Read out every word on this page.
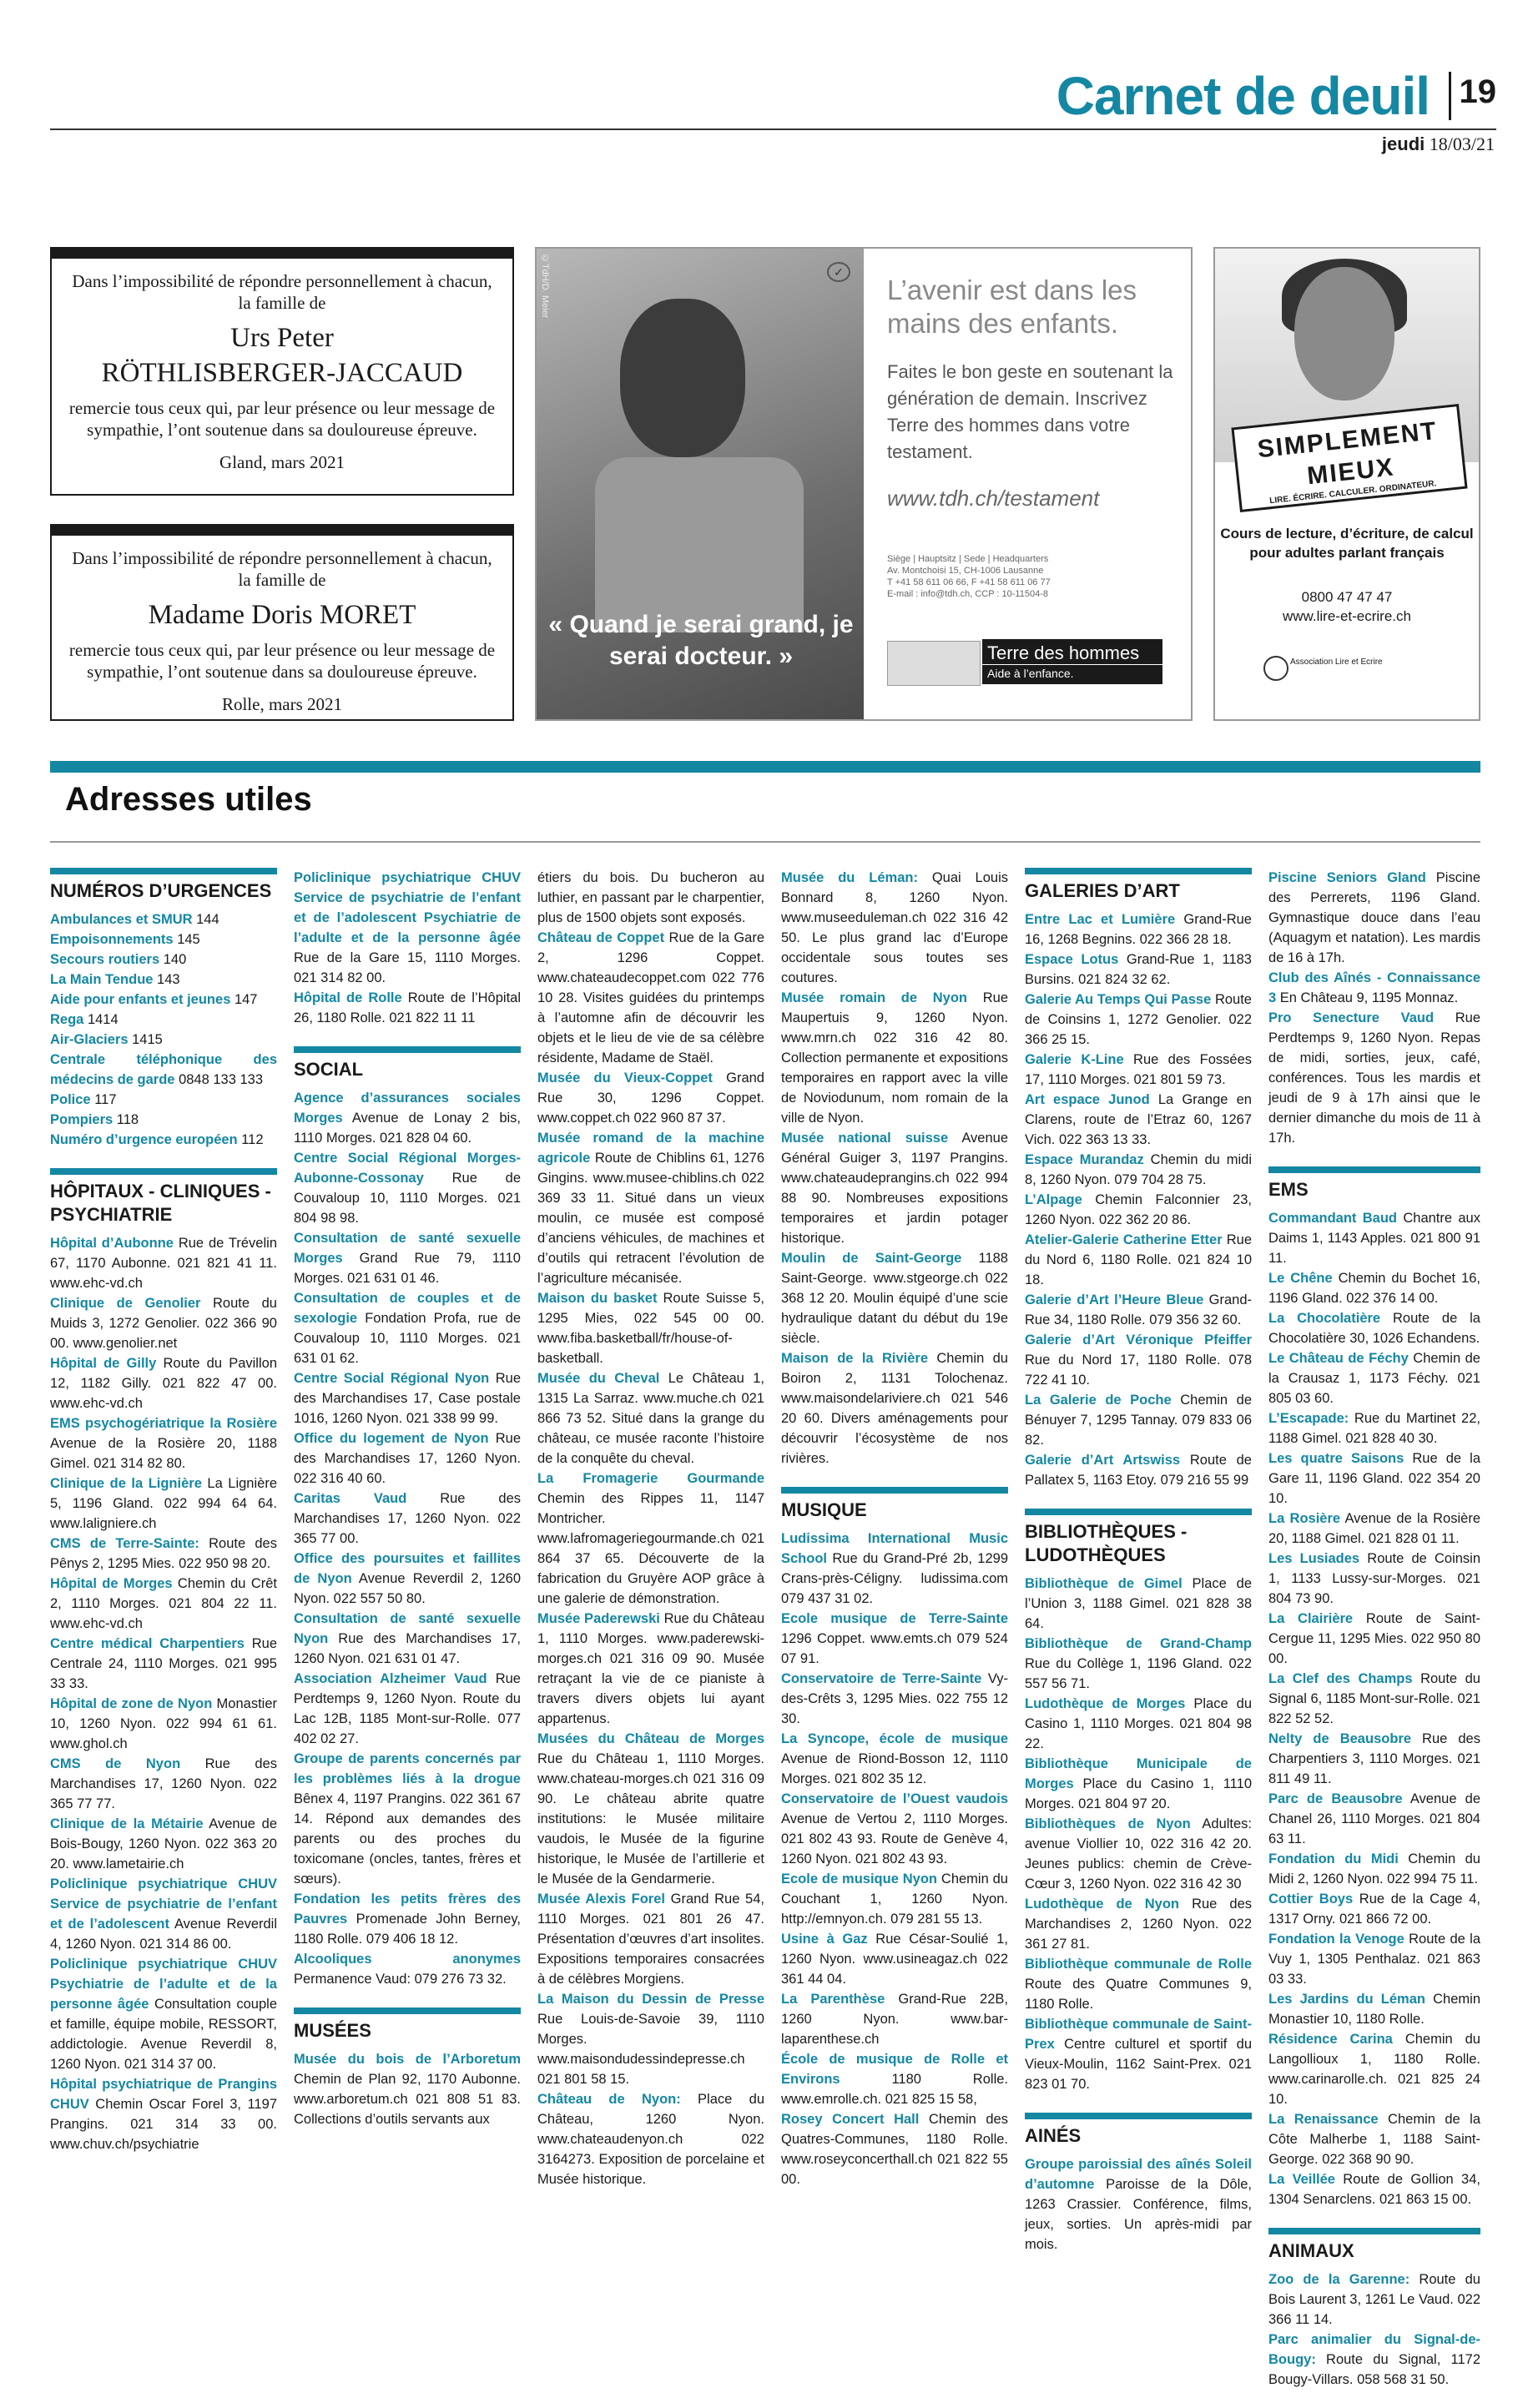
Carnet de deuil 19
jeudi 18/03/21
Dans l’impossibilité de répondre personnellement à chacun, la famille de
Urs Peter
RÖTHLISBERGER-JACCAUD
remercie tous ceux qui, par leur présence ou leur message de sympathie, l’ont soutenue dans sa douloureuse épreuve.
Gland, mars 2021
Dans l’impossibilité de répondre personnellement à chacun, la famille de
Madame Doris MORET
remercie tous ceux qui, par leur présence ou leur message de sympathie, l’ont soutenue dans sa douloureuse épreuve.
Rolle, mars 2021
©TdH/D. Meier
« Quand je serai grand, je serai docteur. »
✓
L’avenir est dans les mains des enfants.
Faites le bon geste en soutenant la génération de demain. Inscrivez Terre des hommes dans votre testament.
www.tdh.ch/testament
Siège | Hauptsitz | Sede | Headquarters
Av. Montchoisi 15, CH-1006 Lausanne
T +41 58 611 06 66, F +41 58 611 06 77
E-mail : info@tdh.ch, CCP : 10-11504-8
Terre des hommes
Aide à l’enfance.
SIMPLEMENT MIEUX
LIRE. ÉCRIRE. CALCULER. ORDINATEUR.
Cours de lecture, d’écriture, de calcul pour adultes parlant français
0800 47 47 47
www.lire-et-ecrire.ch
Association Lire et Ecrire
Adresses utiles
NUMÉROS D’URGENCES
Ambulances et SMUR 144
Empoisonnements 145
Secours routiers 140
La Main Tendue 143
Aide pour enfants et jeunes 147
Rega 1414
Air-Glaciers 1415
Centrale téléphonique des médecins de garde 0848 133 133
Police 117
Pompiers 118
Numéro d’urgence européen 112
HÔPITAUX - CLINIQUES - PSYCHIATRIE
Hôpital d’Aubonne Rue de Trévelin 67, 1170 Aubonne. 021 821 41 11. www.ehc-vd.ch
Clinique de Genolier Route du Muids 3, 1272 Genolier. 022 366 90 00. www.genolier.net
Hôpital de Gilly Route du Pavillon 12, 1182 Gilly. 021 822 47 00. www.ehc-vd.ch
EMS psychogériatrique la Rosière Avenue de la Rosière 20, 1188 Gimel. 021 314 82 80.
Clinique de la Lignière La Lignière 5, 1196 Gland. 022 994 64 64. www.laligniere.ch
CMS de Terre-Sainte: Route des Pênys 2, 1295 Mies. 022 950 98 20.
Hôpital de Morges Chemin du Crêt 2, 1110 Morges. 021 804 22 11. www.ehc-vd.ch
Centre médical Charpentiers Rue Centrale 24, 1110 Morges. 021 995 33 33.
Hôpital de zone de Nyon Monastier 10, 1260 Nyon. 022 994 61 61. www.ghol.ch
CMS de Nyon Rue des Marchandises 17, 1260 Nyon. 022 365 77 77.
Clinique de la Métairie Avenue de Bois-Bougy, 1260 Nyon. 022 363 20 20. www.lametairie.ch
Policlinique psychiatrique CHUV Service de psychiatrie de l’enfant et de l’adolescent Avenue Reverdil 4, 1260 Nyon. 021 314 86 00.
Policlinique psychiatrique CHUV Psychiatrie de l’adulte et de la personne âgée Consultation couple et famille, équipe mobile, RESSORT, addictologie. Avenue Reverdil 8, 1260 Nyon. 021 314 37 00.
Hôpital psychiatrique de Prangins CHUV Chemin Oscar Forel 3, 1197 Prangins. 021 314 33 00. www.chuv.ch/psychiatrie
Policlinique psychiatrique CHUV Service de psychiatrie de l’enfant et de l’adolescent Psychiatrie de l’adulte et de la personne âgée Rue de la Gare 15, 1110 Morges. 021 314 82 00.
Hôpital de Rolle Route de l’Hôpital 26, 1180 Rolle. 021 822 11 11
SOCIAL
Agence d’assurances sociales Morges Avenue de Lonay 2 bis, 1110 Morges. 021 828 04 60.
Centre Social Régional Morges-Aubonne-Cossonay Rue de Couvaloup 10, 1110 Morges. 021 804 98 98.
Consultation de santé sexuelle Morges Grand Rue 79, 1110 Morges. 021 631 01 46.
Consultation de couples et de sexologie Fondation Profa, rue de Couvaloup 10, 1110 Morges. 021 631 01 62.
Centre Social Régional Nyon Rue des Marchandises 17, Case postale 1016, 1260 Nyon. 021 338 99 99.
Office du logement de Nyon Rue des Marchandises 17, 1260 Nyon. 022 316 40 60.
Caritas Vaud Rue des Marchandises 17, 1260 Nyon. 022 365 77 00.
Office des poursuites et faillites de Nyon Avenue Reverdil 2, 1260 Nyon. 022 557 50 80.
Consultation de santé sexuelle Nyon Rue des Marchandises 17, 1260 Nyon. 021 631 01 47.
Association Alzheimer Vaud Rue Perdtemps 9, 1260 Nyon. Route du Lac 12B, 1185 Mont-sur-Rolle. 077 402 02 27.
Groupe de parents concernés par les problèmes liés à la drogue Bênex 4, 1197 Prangins. 022 361 67 14. Répond aux demandes des parents ou des proches du toxicomane (oncles, tantes, frères et sœurs).
Fondation les petits frères des Pauvres Promenade John Berney, 1180 Rolle. 079 406 18 12.
Alcooliques anonymes Permanence Vaud: 079 276 73 32.
MUSÉES
Musée du bois de l’Arboretum Chemin de Plan 92, 1170 Aubonne. www.arboretum.ch 021 808 51 83. Collections d’outils servants aux
étiers du bois. Du bucheron au luthier, en passant par le charpentier, plus de 1500 objets sont exposés.
Château de Coppet Rue de la Gare 2, 1296 Coppet. www.chateaudecoppet.com 022 776 10 28. Visites guidées du printemps à l’automne afin de découvrir les objets et le lieu de vie de sa célèbre résidente, Madame de Staël.
Musée du Vieux-Coppet Grand Rue 30, 1296 Coppet. www.coppet.ch 022 960 87 37.
Musée romand de la machine agricole Route de Chiblins 61, 1276 Gingins. www.musee-chiblins.ch 022 369 33 11. Situé dans un vieux moulin, ce musée est composé d’anciens véhicules, de machines et d’outils qui retracent l’évolution de l’agriculture mécanisée.
Maison du basket Route Suisse 5, 1295 Mies, 022 545 00 00. www.fiba.basketball/fr/house-of-basketball.
Musée du Cheval Le Château 1, 1315 La Sarraz. www.muche.ch 021 866 73 52. Situé dans la grange du château, ce musée raconte l’histoire de la conquête du cheval.
La Fromagerie Gourmande Chemin des Rippes 11, 1147 Montricher. www.lafromageriegourmande.ch 021 864 37 65. Découverte de la fabrication du Gruyère AOP grâce à une galerie de démonstration.
Musée Paderewski Rue du Château 1, 1110 Morges. www.paderewski-morges.ch 021 316 09 90. Musée retraçant la vie de ce pianiste à travers divers objets lui ayant appartenus.
Musées du Château de Morges Rue du Château 1, 1110 Morges. www.chateau-morges.ch 021 316 09 90. Le château abrite quatre institutions: le Musée militaire vaudois, le Musée de la figurine historique, le Musée de l’artillerie et le Musée de la Gendarmerie.
Musée Alexis Forel Grand Rue 54, 1110 Morges. 021 801 26 47. Présentation d’œuvres d’art insolites. Expositions temporaires consacrées à de célèbres Morgiens.
La Maison du Dessin de Presse Rue Louis-de-Savoie 39, 1110 Morges. www.maisondudessindepresse.ch 021 801 58 15.
Château de Nyon: Place du Château, 1260 Nyon. www.chateaudenyon.ch 022 3164273. Exposition de porcelaine et Musée historique.
Musée du Léman: Quai Louis Bonnard 8, 1260 Nyon. www.museeduleman.ch 022 316 42 50. Le plus grand lac d’Europe occidentale sous toutes ses coutures.
Musée romain de Nyon Rue Maupertuis 9, 1260 Nyon. www.mrn.ch 022 316 42 80. Collection permanente et expositions temporaires en rapport avec la ville de Noviodunum, nom romain de la ville de Nyon.
Musée national suisse Avenue Général Guiger 3, 1197 Prangins. www.chateaudeprangins.ch 022 994 88 90. Nombreuses expositions temporaires et jardin potager historique.
Moulin de Saint-George 1188 Saint-George. www.stgeorge.ch 022 368 12 20. Moulin équipé d’une scie hydraulique datant du début du 19e siècle.
Maison de la Rivière Chemin du Boiron 2, 1131 Tolochenaz. www.maisondelariviere.ch 021 546 20 60. Divers aménagements pour découvrir l’écosystème de nos rivières.
MUSIQUE
Ludissima International Music School Rue du Grand-Pré 2b, 1299 Crans-près-Céligny. ludissima.com 079 437 31 02.
Ecole musique de Terre-Sainte 1296 Coppet. www.emts.ch 079 524 07 91.
Conservatoire de Terre-Sainte Vy-des-Crêts 3, 1295 Mies. 022 755 12 30.
La Syncope, école de musique Avenue de Riond-Bosson 12, 1110 Morges. 021 802 35 12.
Conservatoire de l’Ouest vaudois Avenue de Vertou 2, 1110 Morges. 021 802 43 93. Route de Genève 4, 1260 Nyon. 021 802 43 93.
Ecole de musique Nyon Chemin du Couchant 1, 1260 Nyon. http://emnyon.ch. 079 281 55 13.
Usine à Gaz Rue César-Soulié 1, 1260 Nyon. www.usineagaz.ch 022 361 44 04.
La Parenthèse Grand-Rue 22B, 1260 Nyon. www.bar-laparenthese.ch
École de musique de Rolle et Environs 1180 Rolle. www.emrolle.ch. 021 825 15 58,
Rosey Concert Hall Chemin des Quatres-Communes, 1180 Rolle. www.roseyconcerthall.ch 021 822 55 00.
GALERIES D’ART
Entre Lac et Lumière Grand-Rue 16, 1268 Begnins. 022 366 28 18.
Espace Lotus Grand-Rue 1, 1183 Bursins. 021 824 32 62.
Galerie Au Temps Qui Passe Route de Coinsins 1, 1272 Genolier. 022 366 25 15.
Galerie K-Line Rue des Fossées 17, 1110 Morges. 021 801 59 73.
Art espace Junod La Grange en Clarens, route de l’Etraz 60, 1267 Vich. 022 363 13 33.
Espace Murandaz Chemin du midi 8, 1260 Nyon. 079 704 28 75.
L’Alpage Chemin Falconnier 23, 1260 Nyon. 022 362 20 86.
Atelier-Galerie Catherine Etter Rue du Nord 6, 1180 Rolle. 021 824 10 18.
Galerie d’Art l’Heure Bleue Grand-Rue 34, 1180 Rolle. 079 356 32 60.
Galerie d’Art Véronique Pfeiffer Rue du Nord 17, 1180 Rolle. 078 722 41 10.
La Galerie de Poche Chemin de Bénuyer 7, 1295 Tannay. 079 833 06 82.
Galerie d’Art Artswiss Route de Pallatex 5, 1163 Etoy. 079 216 55 99
BIBLIOTHÈQUES - LUDOTHÈQUES
Bibliothèque de Gimel Place de l’Union 3, 1188 Gimel. 021 828 38 64.
Bibliothèque de Grand-Champ Rue du Collège 1, 1196 Gland. 022 557 56 71.
Ludothèque de Morges Place du Casino 1, 1110 Morges. 021 804 98 22.
Bibliothèque Municipale de Morges Place du Casino 1, 1110 Morges. 021 804 97 20.
Bibliothèques de Nyon Adultes: avenue Viollier 10, 022 316 42 20. Jeunes publics: chemin de Crève-Cœur 3, 1260 Nyon. 022 316 42 30
Ludothèque de Nyon Rue des Marchandises 2, 1260 Nyon. 022 361 27 81.
Bibliothèque communale de Rolle Route des Quatre Communes 9, 1180 Rolle.
Bibliothèque communale de Saint-Prex Centre culturel et sportif du Vieux-Moulin, 1162 Saint-Prex. 021 823 01 70.
AINÉS
Groupe paroissial des aînés Soleil d’automne Paroisse de la Dôle, 1263 Crassier. Conférence, films, jeux, sorties. Un après-midi par mois.
Piscine Seniors Gland Piscine des Perrerets, 1196 Gland. Gymnastique douce dans l’eau (Aquagym et natation). Les mardis de 16 à 17h.
Club des Aînés - Connaissance 3 En Château 9, 1195 Monnaz.
Pro Senecture Vaud Rue Perdtemps 9, 1260 Nyon. Repas de midi, sorties, jeux, café, conférences. Tous les mardis et jeudi de 9 à 17h ainsi que le dernier dimanche du mois de 11 à 17h.
EMS
Commandant Baud Chantre aux Daims 1, 1143 Apples. 021 800 91 11.
Le Chêne Chemin du Bochet 16, 1196 Gland. 022 376 14 00.
La Chocolatière Route de la Chocolatière 30, 1026 Echandens.
Le Château de Féchy Chemin de la Crausaz 1, 1173 Féchy. 021 805 03 60.
L’Escapade: Rue du Martinet 22, 1188 Gimel. 021 828 40 30.
Les quatre Saisons Rue de la Gare 11, 1196 Gland. 022 354 20 10.
La Rosière Avenue de la Rosière 20, 1188 Gimel. 021 828 01 11.
Les Lusiades Route de Coinsin 1, 1133 Lussy-sur-Morges. 021 804 73 90.
La Clairière Route de Saint-Cergue 11, 1295 Mies. 022 950 80 00.
La Clef des Champs Route du Signal 6, 1185 Mont-sur-Rolle. 021 822 52 52.
Nelty de Beausobre Rue des Charpentiers 3, 1110 Morges. 021 811 49 11.
Parc de Beausobre Avenue de Chanel 26, 1110 Morges. 021 804 63 11.
Fondation du Midi Chemin du Midi 2, 1260 Nyon. 022 994 75 11.
Cottier Boys Rue de la Cage 4, 1317 Orny. 021 866 72 00.
Fondation la Venoge Route de la Vuy 1, 1305 Penthalaz. 021 863 03 33.
Les Jardins du Léman Chemin Monastier 10, 1180 Rolle.
Résidence Carina Chemin du Langollioux 1, 1180 Rolle. www.carinarolle.ch. 021 825 24 10.
La Renaissance Chemin de la Côte Malherbe 1, 1188 Saint-George. 022 368 90 90.
La Veillée Route de Gollion 34, 1304 Senarclens. 021 863 15 00.
ANIMAUX
Zoo de la Garenne: Route du Bois Laurent 3, 1261 Le Vaud. 022 366 11 14.
Parc animalier du Signal-de-Bougy: Route du Signal, 1172 Bougy-Villars. 058 568 31 50.
